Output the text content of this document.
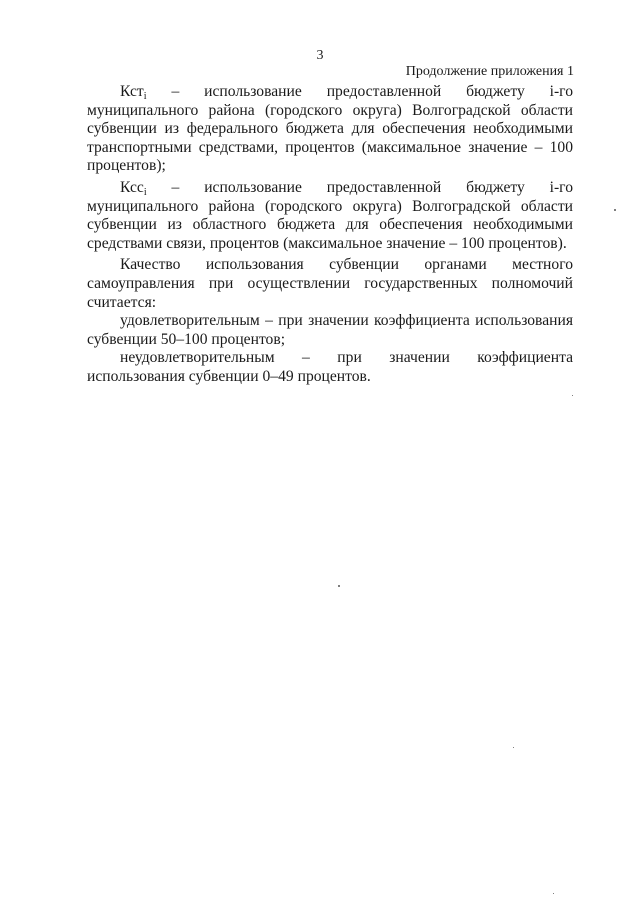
3
Продолжение приложения 1

Кст$_i$ – использование предоставленной бюджету i-го муниципального района (городского округа) Волгоградской области субвенции из федерального бюджета для обеспечения необходимыми транспортными средствами, процентов (максимальное значение – 100 процентов);

Ксс$_i$ – использование предоставленной бюджету i-го муниципального района (городского округа) Волгоградской области субвенции из областного бюджета для обеспечения необходимыми средствами связи, процентов (максимальное значение – 100 процентов).

Качество использования субвенции органами местного самоуправления при осуществлении государственных полномочий считается:

удовлетворительным – при значении коэффициента использования субвенции 50–100 процентов;

неудовлетворительным – при значении коэффициента использования субвенции 0–49 процентов.
